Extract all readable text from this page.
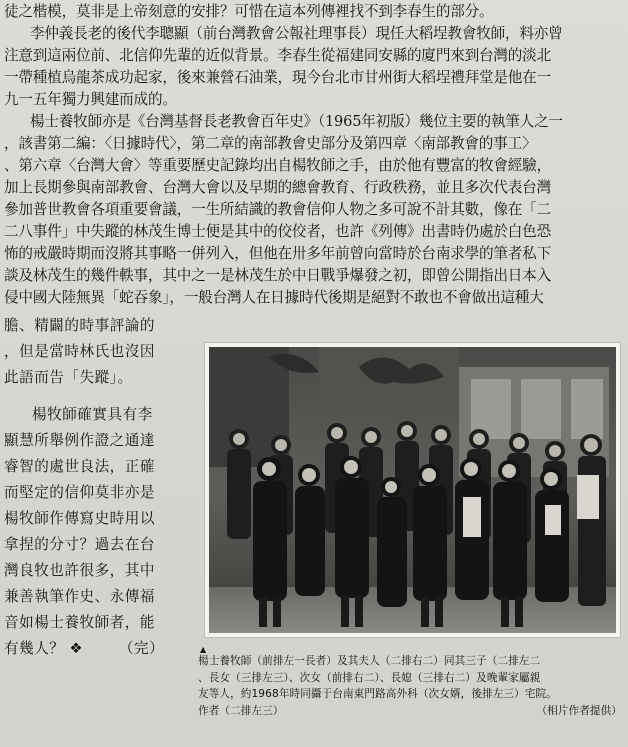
徒之楷模，莫非是上帝刻意的安排？可惜在這本列傳裡找不到李春生的部分。
李仲義長老的後代李聰顯（前台灣教會公報社理事長）現任大稻埕教會牧師，料亦曾
注意到這兩位前、北信仰先輩的近似背景。李春生從福建同安縣的廈門來到台灣的淡北
一帶種植烏龍茶成功起家，後來兼營石油業，現今台北市甘州街大稻埕禮拜堂是他在一
九一五年獨力興建而成的。
楊士養牧師亦是《台灣基督長老教會百年史》（1965年初版）幾位主要的執筆人之一
，該書第二編：〈日據時代〉，第二章的南部教會史部分及第四章〈南部教會的事工〉
、第六章〈台灣大會〉等重要歷史記錄均出自楊牧師之手，由於他有豐富的牧會經驗，
加上長期參與南部教會、台灣大會以及早期的總會教育、行政秩務，並且多次代表台灣
參加普世教會各項重要會議，一生所結識的教會信仰人物之多可說不計其數，像在「二
二八事件」中失蹤的林茂生博士便是其中的佼佼者，也許《列傳》出書時仍處於白色恐
怖的戒嚴時期而沒將其事略一併列入，但他在卅多年前曾向當時於台南求學的筆者私下
談及林茂生的幾件軼事，其中之一是林茂生於中日戰爭爆發之初，即曾公開指出日本入
侵中國大陸無異「蛇吞象」，一般台灣人在日據時代後期是絕對不敢也不會做出這種大
膽、精闢的時事評論的
，但是當時林氏也沒因
此語而告「失蹤」。
楊牧師確實具有李
顯慧所舉例作證之通達
睿智的處世良法，正確
而堅定的信仰莫非亦是
楊牧師作傳寫史時用以
拿捏的分寸？過去在台
灣良牧也許很多，其中
兼善執筆作史、永傳福
音如楊士養牧師者，能
有幾人？ ❖ （完）	▲
楊士養牧師（前排左一長者）及其夫人（二排右二）同其三子（二排左二
、長女（三排左三）、次女（前排右二）、長媳（三排右二）及晚輩家屬親
友等人，約1968年時同攝于台南東門路高外科（次女婿，後排左三）宅院。
作者（二排左三）	（相片作者提供）
